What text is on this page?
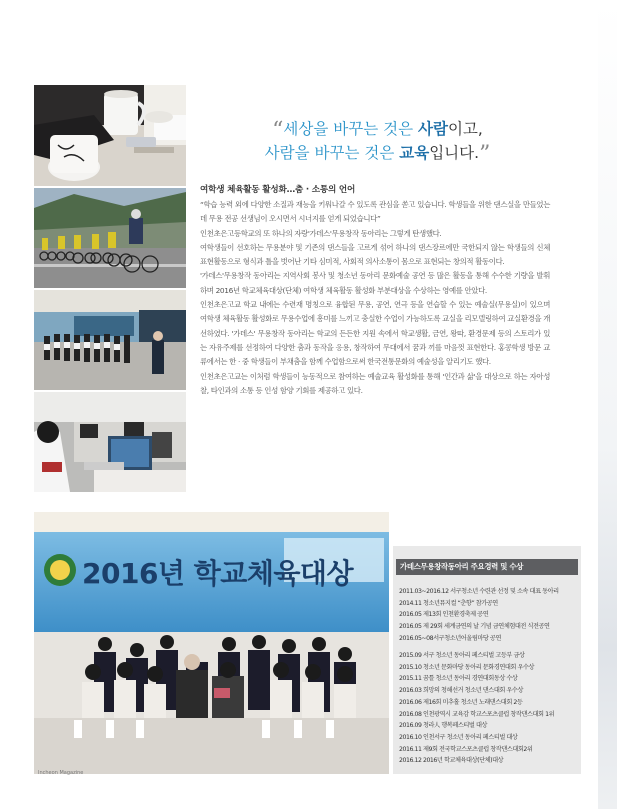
“세상을 바꾸는 것은 사람이고,
사람을 바꾸는 것은 교육입니다.”
여학생 체육활동 활성화…춤 · 소통의 언어

“학습 능력 외에 다양한 소질과 재능을 키워나갈 수 있도록 관심을 쏟고 있습니다. 학생들을 위한 댄스실을 만들었는데 무용 전공 선생님이 오시면서 시너지를 얻게 되었습니다”

인천초은고등학교의 또 하나의 자랑'가데스'무용창작 동아리는 그렇게 탄생했다.

여학생들이 선호하는 무용분야 및 기존의 댄스들을 고르게 섞어 하나의 댄스장르에만 국한되지 않는 학생들의 신체표현활동으로 형식과 틀을 벗어난 기타 심미적, 사회적 의사소통이 몸으로 표현되는 창의적 활동이다.

'가데스'무용창작 동아리는 지역사회 봉사 및 청소년 동아리 문화예술 공연 등 많은 활동을 통해 수수한 기량을 발휘하며 2016년 학교체육대상(단체) 여학생 체육활동 활성화 부분대상을 수상하는 영예를 안았다.

인천초은고교 학교 내에는 수련재 명칭으로 융합된 무용, 공연, 연극 등을 연습할 수 있는 예술실(무용실)이 있으며 여학생 체육활동 활성화로 무용수업에 흥미를 느끼고 충실한 수업이 가능하도록 교실을 리모델링하여 교실환경을 개선하였다. '가데스' 무용창작 동아리는 학교의 든든한 지원 속에서 학교생활, 금연, 왕따, 환경문제 등의 스토리가 있는 자유주제를 선정하여 다양한 춤과 동작을 응용, 창작하여 무대에서 꿈과 끼를 마음껏 표현한다. 홍콩학생 방문 교류에서는 한 · 중 학생들이 부채춤을 함께 수업함으로써 한국전통문화의 예술성을 알리기도 했다.

인천초은고교는 이처럼 학생들이 능동적으로 참여하는 예술교육 활성화를 통해 '인간과 삶'을 대상으로 하는 자아성찰, 타인과의 소통 등 인성 함양 기회를 제공하고 있다.

2016년 학교체육대상	가데스무용창작동아리 주요경력 및 수상
2011.03~2016.12 서구청소년 수련관 선정 및 소속 대표 동아리
2014.11 청소년뮤지컬 “춘향” 참가공연
2016.05 제13회 인천환경축제 공연
2016.05 제 29회 세계금연의 날 기념 금연체험대전 식전공연
2016.05~08서구청소년어울림마당 공연
2015.09 서구 청소년 동아리 페스티벌 고등부 금상
2015.10 청소년 문화마당 동아리 문화경연대회 우수상
2015.11 꿈틀 청소년 동아리 경연대회동상 수상
2016.03 희망의 청해선거 청소년 댄스대회 우수상
2016.06 제16회 미추홀 청소년 노래댄스대회 2등
2016.08 인천광역시 교육감 학교스포츠클럽 창작댄스대회 1위
2016.09 청라人 행복페스티벌 대상
2016.10 인천서구 청소년 동아리 페스티벌 대상
2016.11 제9회 전국학교스포츠클럽 창작댄스대회2위
2016.12 2016년 학교체육대상(단체)대상
Incheon Magazine
